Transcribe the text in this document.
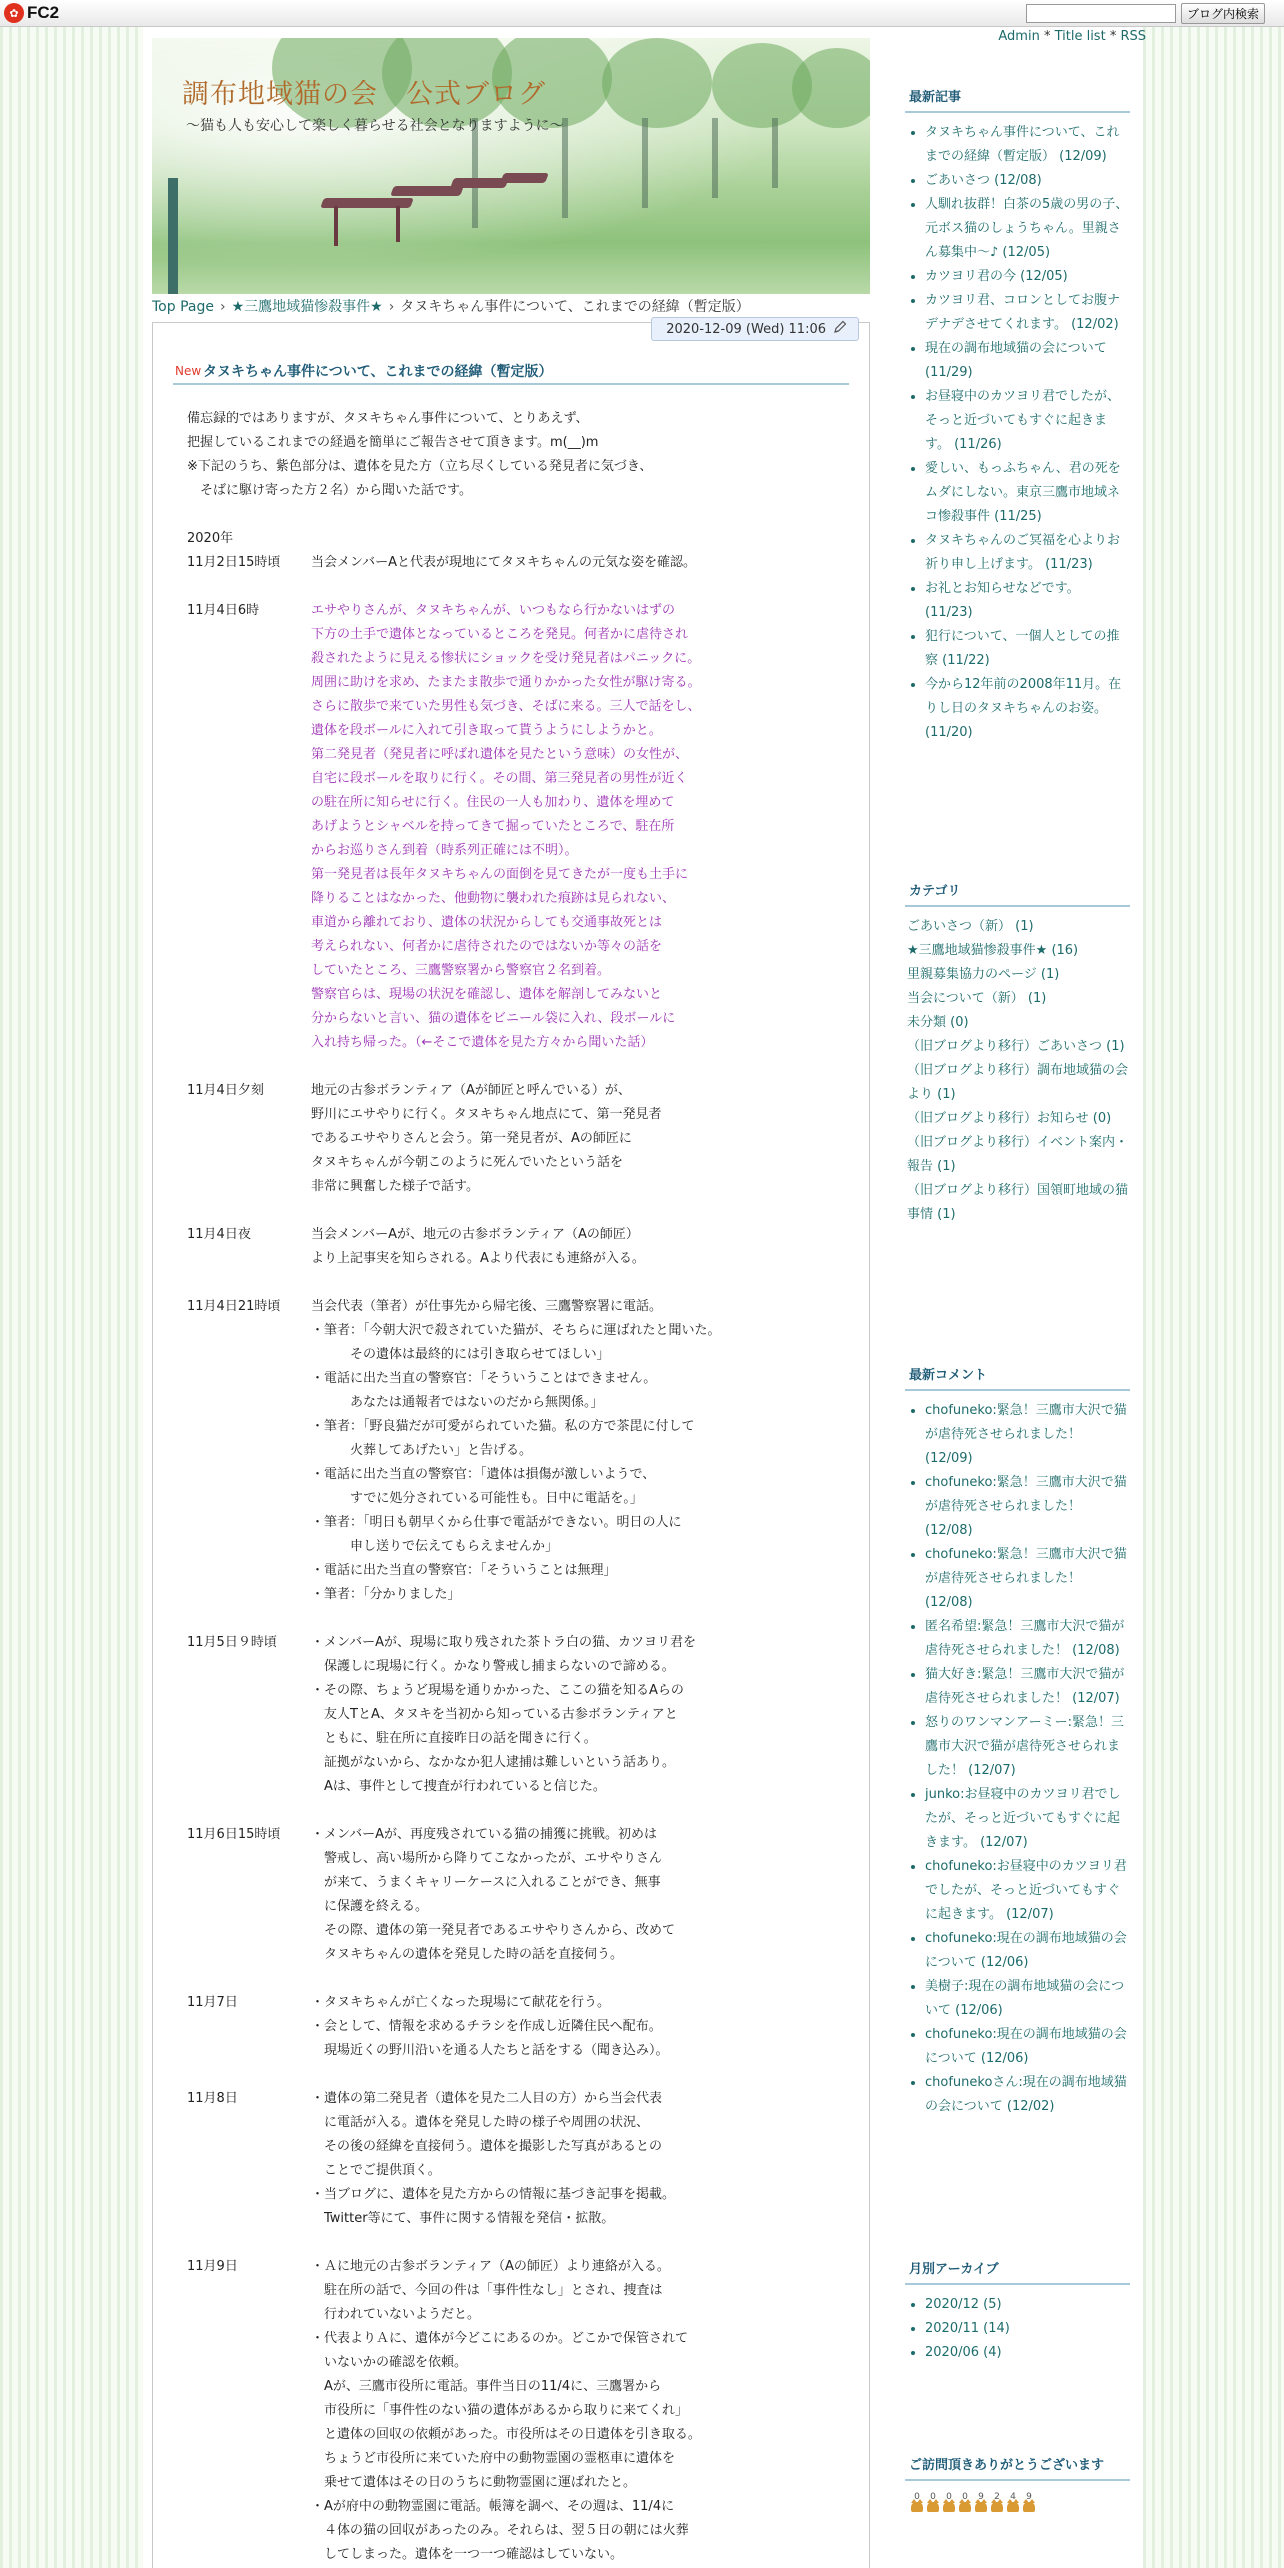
✿ FC2	ブログ内検索
Admin * Title list * RSS
調布地域猫の会　公式ブログ
～猫も人も安心して楽しく暮らせる社会となりますように～
Top Page › ★三鷹地域猫惨殺事件★ › タヌキちゃん事件について、これまでの経緯（暫定版）
2020-12-09 (Wed) 11:06
New タヌキちゃん事件について、これまでの経緯（暫定版）
備忘録的ではありますが、タヌキちゃん事件について、とりあえず、
把握しているこれまでの経過を簡単にご報告させて頂きます。m(__)m
※下記のうち、紫色部分は、遺体を見た方（立ち尽くしている発見者に気づき、
　そばに駆け寄った方２名）から聞いた話です。
2020年
11月2日15時頃	当会メンバーAと代表が現地にてタヌキちゃんの元気な姿を確認。
11月4日6時	エサやりさんが、タヌキちゃんが、いつもなら行かないはずの
下方の土手で遺体となっているところを発見。何者かに虐待され
殺されたように見える惨状にショックを受け発見者はパニックに。
周囲に助けを求め、たまたま散歩で通りかかった女性が駆け寄る。
さらに散歩で来ていた男性も気づき、そばに来る。三人で話をし、
遺体を段ボールに入れて引き取って貰うようにしようかと。
第二発見者（発見者に呼ばれ遺体を見たという意味）の女性が、
自宅に段ボールを取りに行く。その間、第三発見者の男性が近く
の駐在所に知らせに行く。住民の一人も加わり、遺体を埋めて
あげようとシャベルを持ってきて掘っていたところで、駐在所
からお巡りさん到着（時系列正確には不明）。
第一発見者は長年タヌキちゃんの面倒を見てきたが一度も土手に
降りることはなかった、他動物に襲われた痕跡は見られない、
車道から離れており、遺体の状況からしても交通事故死とは
考えられない、何者かに虐待されたのではないか等々の話を
していたところ、三鷹警察署から警察官２名到着。
警察官らは、現場の状況を確認し、遺体を解剖してみないと
分からないと言い、猫の遺体をビニール袋に入れ、段ボールに
入れ持ち帰った。（←そこで遺体を見た方々から聞いた話）
11月4日夕刻	地元の古参ボランティア（Aが師匠と呼んでいる）が、
野川にエサやりに行く。タヌキちゃん地点にて、第一発見者
であるエサやりさんと会う。第一発見者が、Aの師匠に
タヌキちゃんが今朝このように死んでいたという話を
非常に興奮した様子で話す。
11月4日夜	当会メンバーAが、地元の古参ボランティア（Aの師匠）
より上記事実を知らされる。Aより代表にも連絡が入る。
11月4日21時頃	当会代表（筆者）が仕事先から帰宅後、三鷹警察署に電話。
・筆者：「今朝大沢で殺されていた猫が、そちらに運ばれたと聞いた。
　　　その遺体は最終的には引き取らせてほしい」
・電話に出た当直の警察官：「そういうことはできません。
　　　あなたは通報者ではないのだから無関係。」
・筆者：「野良猫だが可愛がられていた猫。私の方で茶毘に付して
　　　火葬してあげたい」と告げる。
・電話に出た当直の警察官：「遺体は損傷が激しいようで、
　　　すでに処分されている可能性も。日中に電話を。」
・筆者：「明日も朝早くから仕事で電話ができない。明日の人に
　　　申し送りで伝えてもらえませんか」
・電話に出た当直の警察官：「そういうことは無理」
・筆者：「分かりました」
11月5日９時頃	・メンバーAが、現場に取り残された茶トラ白の猫、カツヨリ君を
　保護しに現場に行く。かなり警戒し捕まらないので諦める。
・その際、ちょうど現場を通りかかった、ここの猫を知るAらの
　友人TとA、タヌキを当初から知っている古参ボランティアと
　ともに、駐在所に直接昨日の話を聞きに行く。
　証拠がないから、なかなか犯人逮捕は難しいという話あり。
　Aは、事件として捜査が行われていると信じた。
11月6日15時頃	・メンバーAが、再度残されている猫の捕獲に挑戦。初めは
　警戒し、高い場所から降りてこなかったが、エサやりさん
　が来て、うまくキャリーケースに入れることができ、無事
　に保護を終える。
　その際、遺体の第一発見者であるエサやりさんから、改めて
　タヌキちゃんの遺体を発見した時の話を直接伺う。
11月7日	・タヌキちゃんが亡くなった現場にて献花を行う。
・会として、情報を求めるチラシを作成し近隣住民へ配布。
　現場近くの野川沿いを通る人たちと話をする（聞き込み）。
11月8日	・遺体の第二発見者（遺体を見た二人目の方）から当会代表
　に電話が入る。遺体を発見した時の様子や周囲の状況、
　その後の経緯を直接伺う。遺体を撮影した写真があるとの
　ことでご提供頂く。
・当ブログに、遺体を見た方からの情報に基づき記事を掲載。
　Twitter等にて、事件に関する情報を発信・拡散。
11月9日	・Ａに地元の古参ボランティア（Aの師匠）より連絡が入る。
　駐在所の話で、今回の件は「事件性なし」とされ、捜査は
　行われていないようだと。
・代表よりＡに、遺体が今どこにあるのか。どこかで保管されて
　いないかの確認を依頼。
　Aが、三鷹市役所に電話。事件当日の11/4に、三鷹署から
　市役所に「事件性のない猫の遺体があるから取りに来てくれ」
　と遺体の回収の依頼があった。市役所はその日遺体を引き取る。
　ちょうど市役所に来ていた府中の動物霊園の霊柩車に遺体を
　乗せて遺体はその日のうちに動物霊園に運ばれたと。
・Aが府中の動物霊園に電話。帳簿を調べ、その週は、11/4に
　４体の猫の回収があったのみ。それらは、翌５日の朝には火葬
　してしまった。遺体を一つ一つ確認はしていない。
最新記事
• タヌキちゃん事件について、これまでの経緯（暫定版） (12/09)
• ごあいさつ (12/08)
• 人馴れ抜群！白茶の5歳の男の子、元ボス猫のしょうちゃん。里親さん募集中～♪ (12/05)
• カツヨリ君の今 (12/05)
• カツヨリ君、コロンとしてお腹ナデナデさせてくれます。 (12/02)
• 現在の調布地域猫の会について (11/29)
• お昼寝中のカツヨリ君でしたが、そっと近づいてもすぐに起きます。 (11/26)
• 愛しい、もっふちゃん、君の死をムダにしない。東京三鷹市地域ネコ惨殺事件 (11/25)
• タヌキちゃんのご冥福を心よりお祈り申し上げます。 (11/23)
• お礼とお知らせなどです。 (11/23)
• 犯行について、一個人としての推察 (11/22)
• 今から12年前の2008年11月。在りし日のタヌキちゃんのお姿。 (11/20)
カテゴリ
ごあいさつ（新） (1)
★三鷹地域猫惨殺事件★ (16)
里親募集協力のページ (1)
当会について（新） (1)
未分類 (0)
（旧ブログより移行）ごあいさつ (1)
（旧ブログより移行）調布地域猫の会より (1)
（旧ブログより移行）お知らせ (0)
（旧ブログより移行）イベント案内・報告 (1)
（旧ブログより移行）国領町地域の猫事情 (1)
最新コメント
• chofuneko:緊急！三鷹市大沢で猫が虐待死させられました！ (12/09)
• chofuneko:緊急！三鷹市大沢で猫が虐待死させられました！ (12/08)
• chofuneko:緊急！三鷹市大沢で猫が虐待死させられました！ (12/08)
• 匿名希望:緊急！三鷹市大沢で猫が虐待死させられました！ (12/08)
• 猫大好き:緊急！三鷹市大沢で猫が虐待死させられました！ (12/07)
• 怒りのワンマンアーミー:緊急！三鷹市大沢で猫が虐待死させられました！ (12/07)
• junko:お昼寝中のカツヨリ君でしたが、そっと近づいてもすぐに起きます。 (12/07)
• chofuneko:お昼寝中のカツヨリ君でしたが、そっと近づいてもすぐに起きます。 (12/07)
• chofuneko:現在の調布地域猫の会について (12/06)
• 美樹子:現在の調布地域猫の会について (12/06)
• chofuneko:現在の調布地域猫の会について (12/06)
• chofunekoさん:現在の調布地域猫の会について (12/02)
月別アーカイブ
• 2020/12 (5)
• 2020/11 (14)
• 2020/06 (4)
ご訪問頂きありがとうございます
0 0 0 0 9 2 4 9
